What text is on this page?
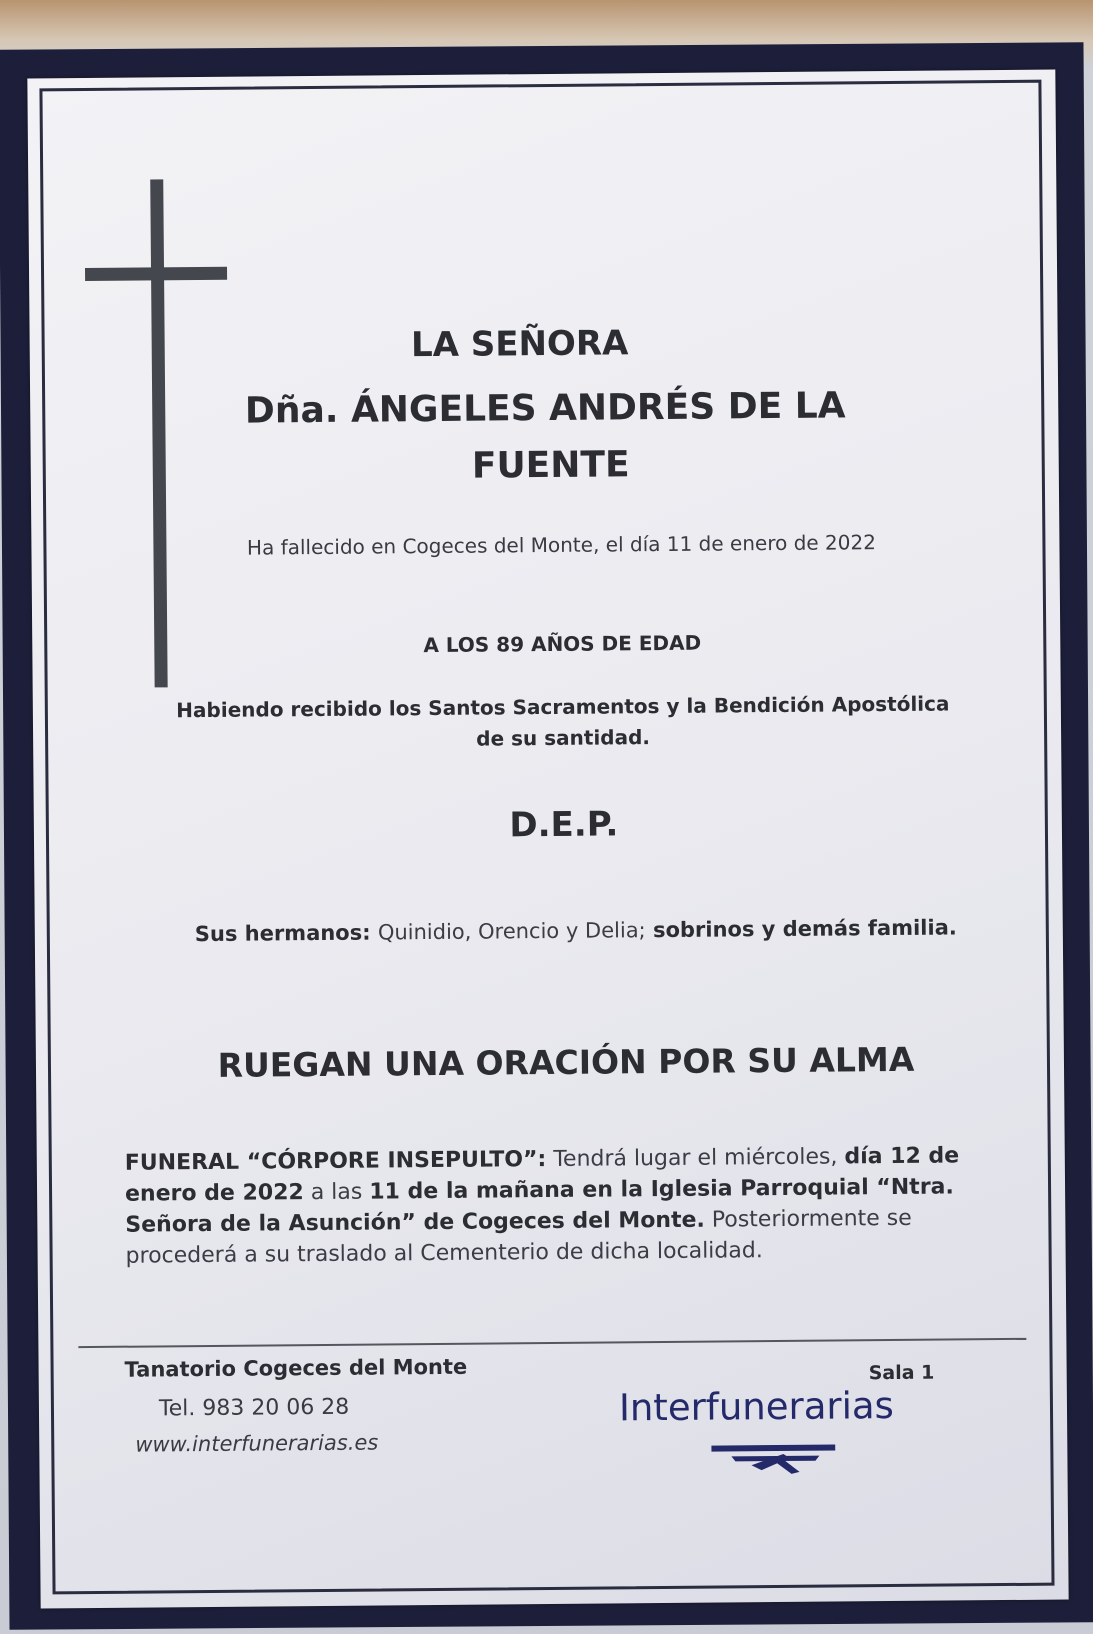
LA SEÑORA
Dña. ÁNGELES ANDRÉS DE LA
FUENTE
Ha fallecido en Cogeces del Monte, el día 11 de enero de 2022
A LOS 89 AÑOS DE EDAD
Habiendo recibido los Santos Sacramentos y la Bendición Apostólica
de su santidad.
D.E.P.
Sus hermanos: Quinidio, Orencio y Delia; sobrinos y demás familia.
RUEGAN UNA ORACIÓN POR SU ALMA
FUNERAL “CÓRPORE INSEPULTO”: Tendrá lugar el miércoles, día 12 de enero de 2022 a las 11 de la mañana en la Iglesia Parroquial “Ntra. Señora de la Asunción” de Cogeces del Monte. Posteriormente se procederá a su traslado al Cementerio de dicha localidad.
Tanatorio Cogeces del Monte	Sala 1
Tel. 983 20 06 28
www.interfunerarias.es
Interfunerarias
